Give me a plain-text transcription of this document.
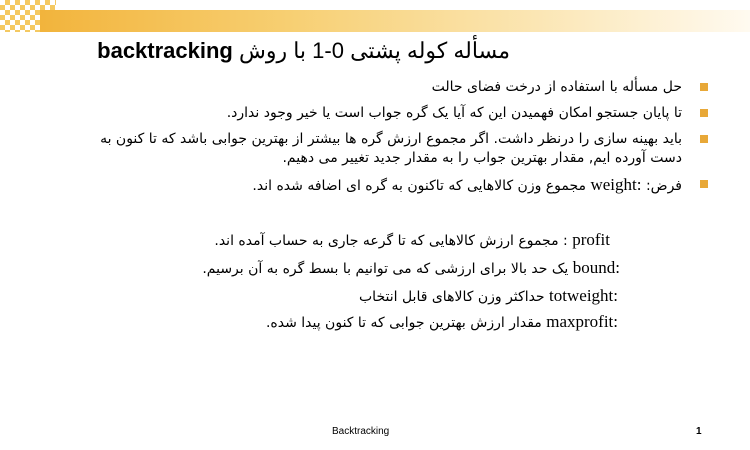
مسأله کوله پشتی 0-1 با روش backtracking
حل مسأله با استفاده از درخت فضای حالت
تا پایان جستجو امکان فهمیدن این که آیا یک گره جواب است یا خیر وجود ندارد.
باید بهینه سازی را درنظر داشت. اگر مجموع ارزش گره ها بیشتر از بهترین جوابی باشد که تا کنون به دست آورده ایم, مقدار بهترین جواب را به مقدار جدید تغییر می دهیم.
فرض: weight: مجموع وزن کالاهایی که تاکنون به گره ای اضافه شده اند.
profit : مجموع ارزش کالاهایی که تا گرعه جاری به حساب آمده اند.
bound: یک حد بالا برای ارزشی که می توانیم با بسط گره به آن برسیم.
totweight: حداکثر وزن کالاهای قابل انتخاب
maxprofit: مقدار ارزش بهترین جوابی که تا کنون پیدا شده.
Backtracking	1
